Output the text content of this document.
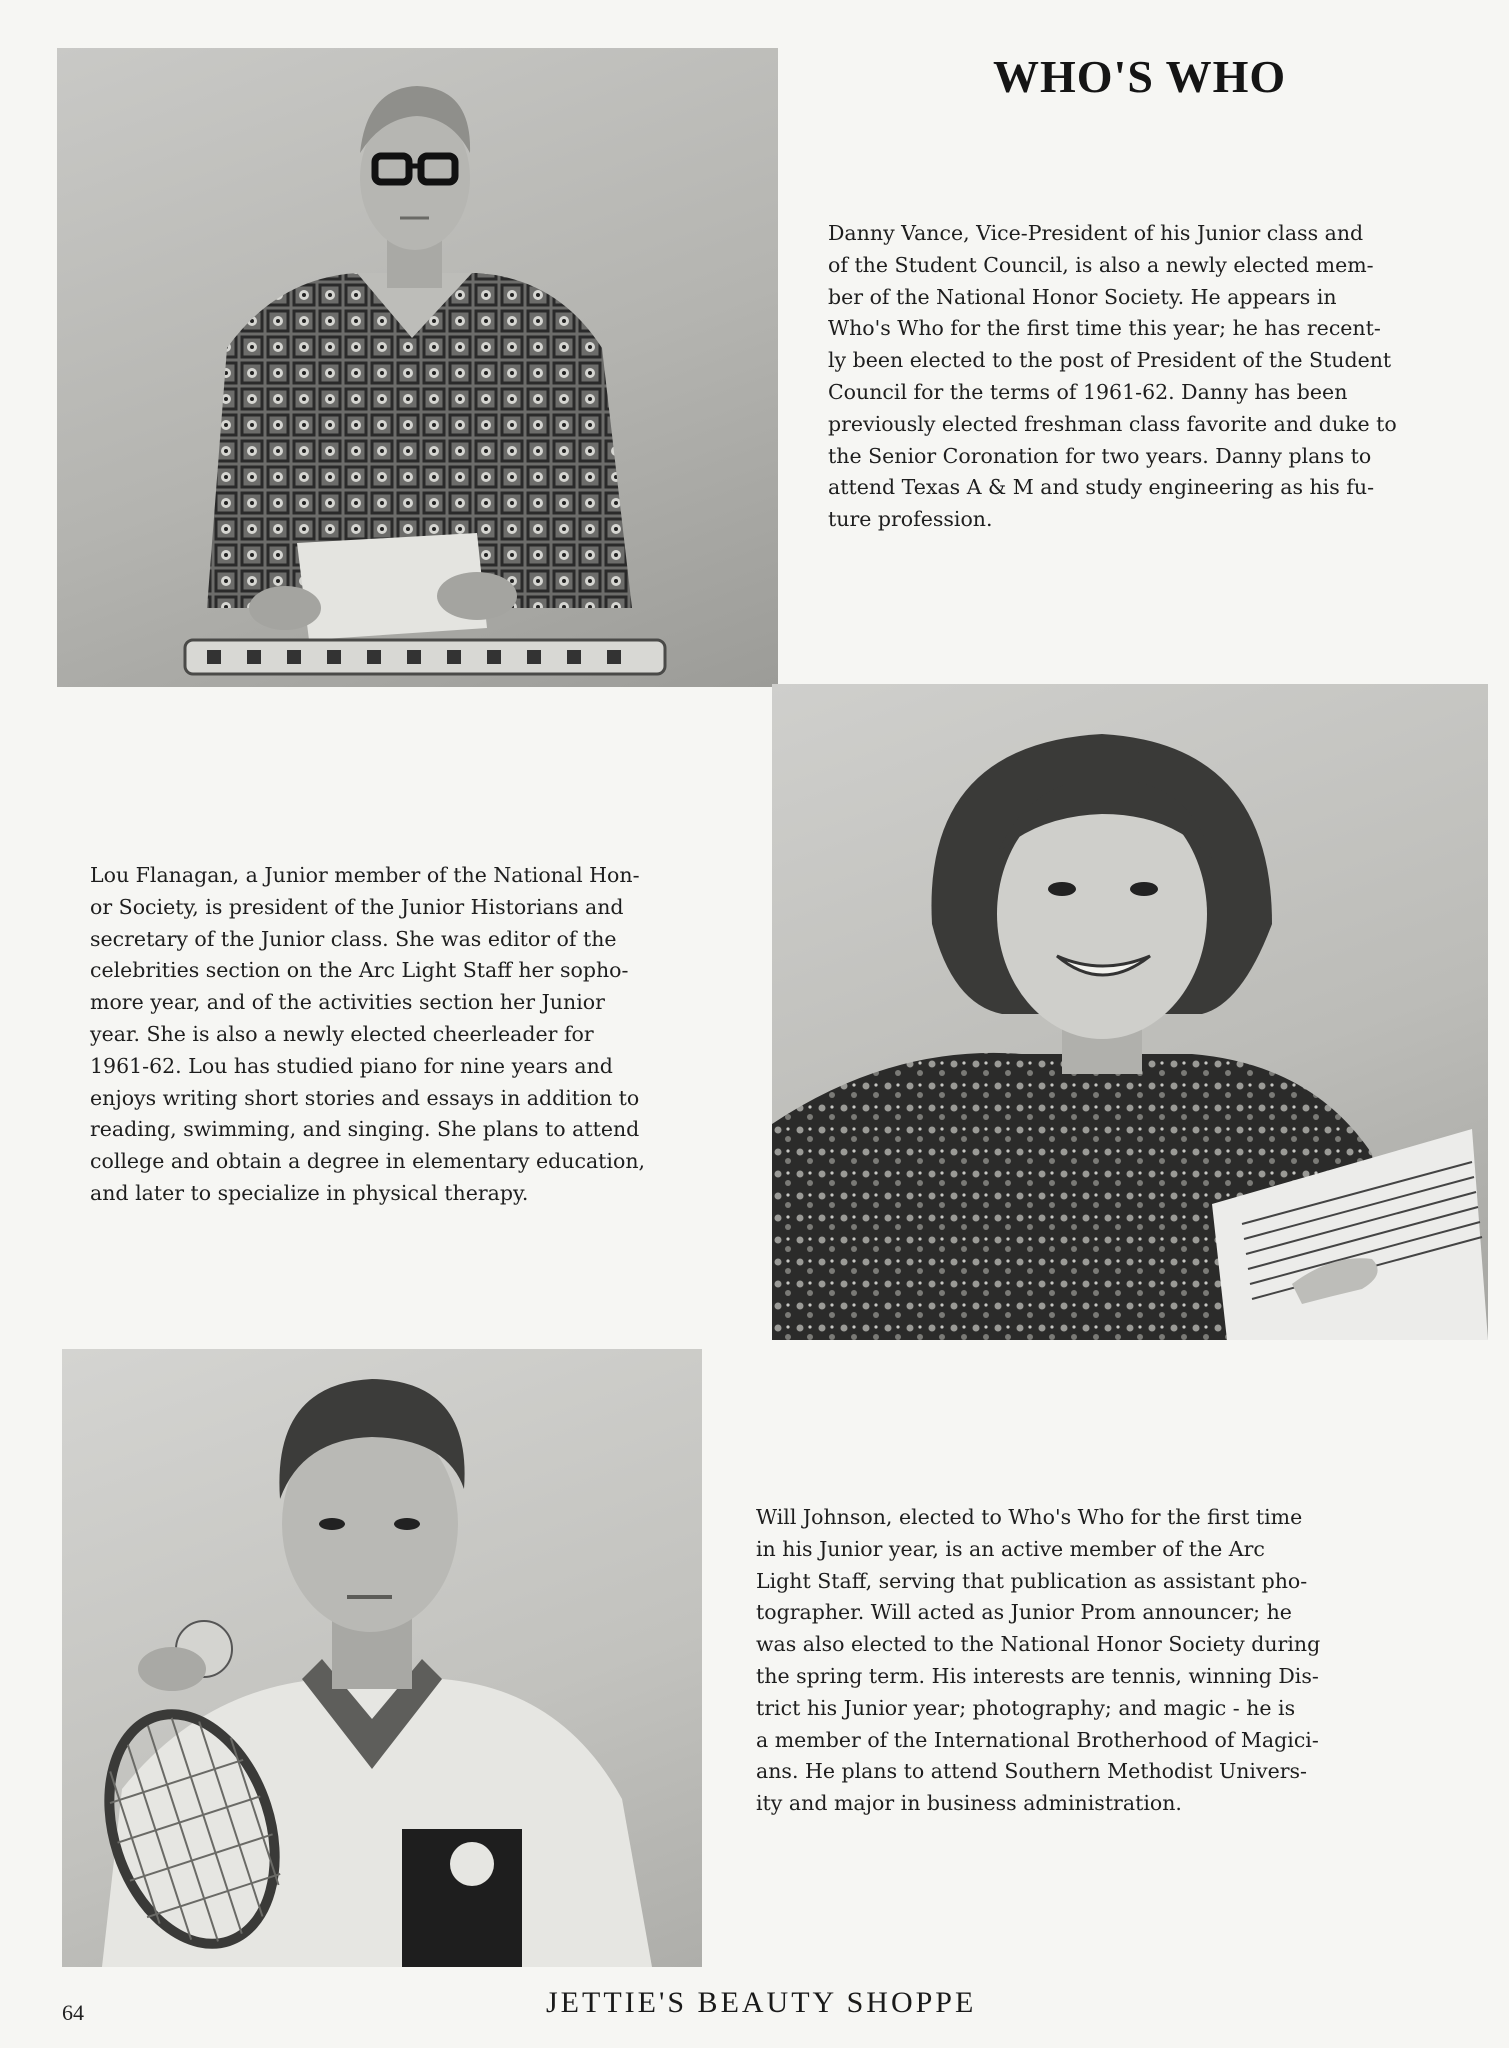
WHO'S WHO

Danny Vance, Vice-President of his Junior class and
of the Student Council, is also a newly elected mem-
ber of the National Honor Society. He appears in
Who's Who for the first time this year; he has recent-
ly been elected to the post of President of the Student
Council for the terms of 1961-62. Danny has been
previously elected freshman class favorite and duke to
the Senior Coronation for two years. Danny plans to
attend Texas A & M and study engineering as his fu-
ture profession.

Lou Flanagan, a Junior member of the National Hon-
or Society, is president of the Junior Historians and
secretary of the Junior class. She was editor of the
celebrities section on the Arc Light Staff her sopho-
more year, and of the activities section her Junior
year. She is also a newly elected cheerleader for
1961-62. Lou has studied piano for nine years and
enjoys writing short stories and essays in addition to
reading, swimming, and singing. She plans to attend
college and obtain a degree in elementary education,
and later to specialize in physical therapy.

Will Johnson, elected to Who's Who for the first time
in his Junior year, is an active member of the Arc
Light Staff, serving that publication as assistant pho-
tographer. Will acted as Junior Prom announcer; he
was also elected to the National Honor Society during
the spring term. His interests are tennis, winning Dis-
trict his Junior year; photography; and magic - he is
a member of the International Brotherhood of Magici-
ans. He plans to attend Southern Methodist Univers-
ity and major in business administration.

64	JETTIE'S BEAUTY SHOPPE
